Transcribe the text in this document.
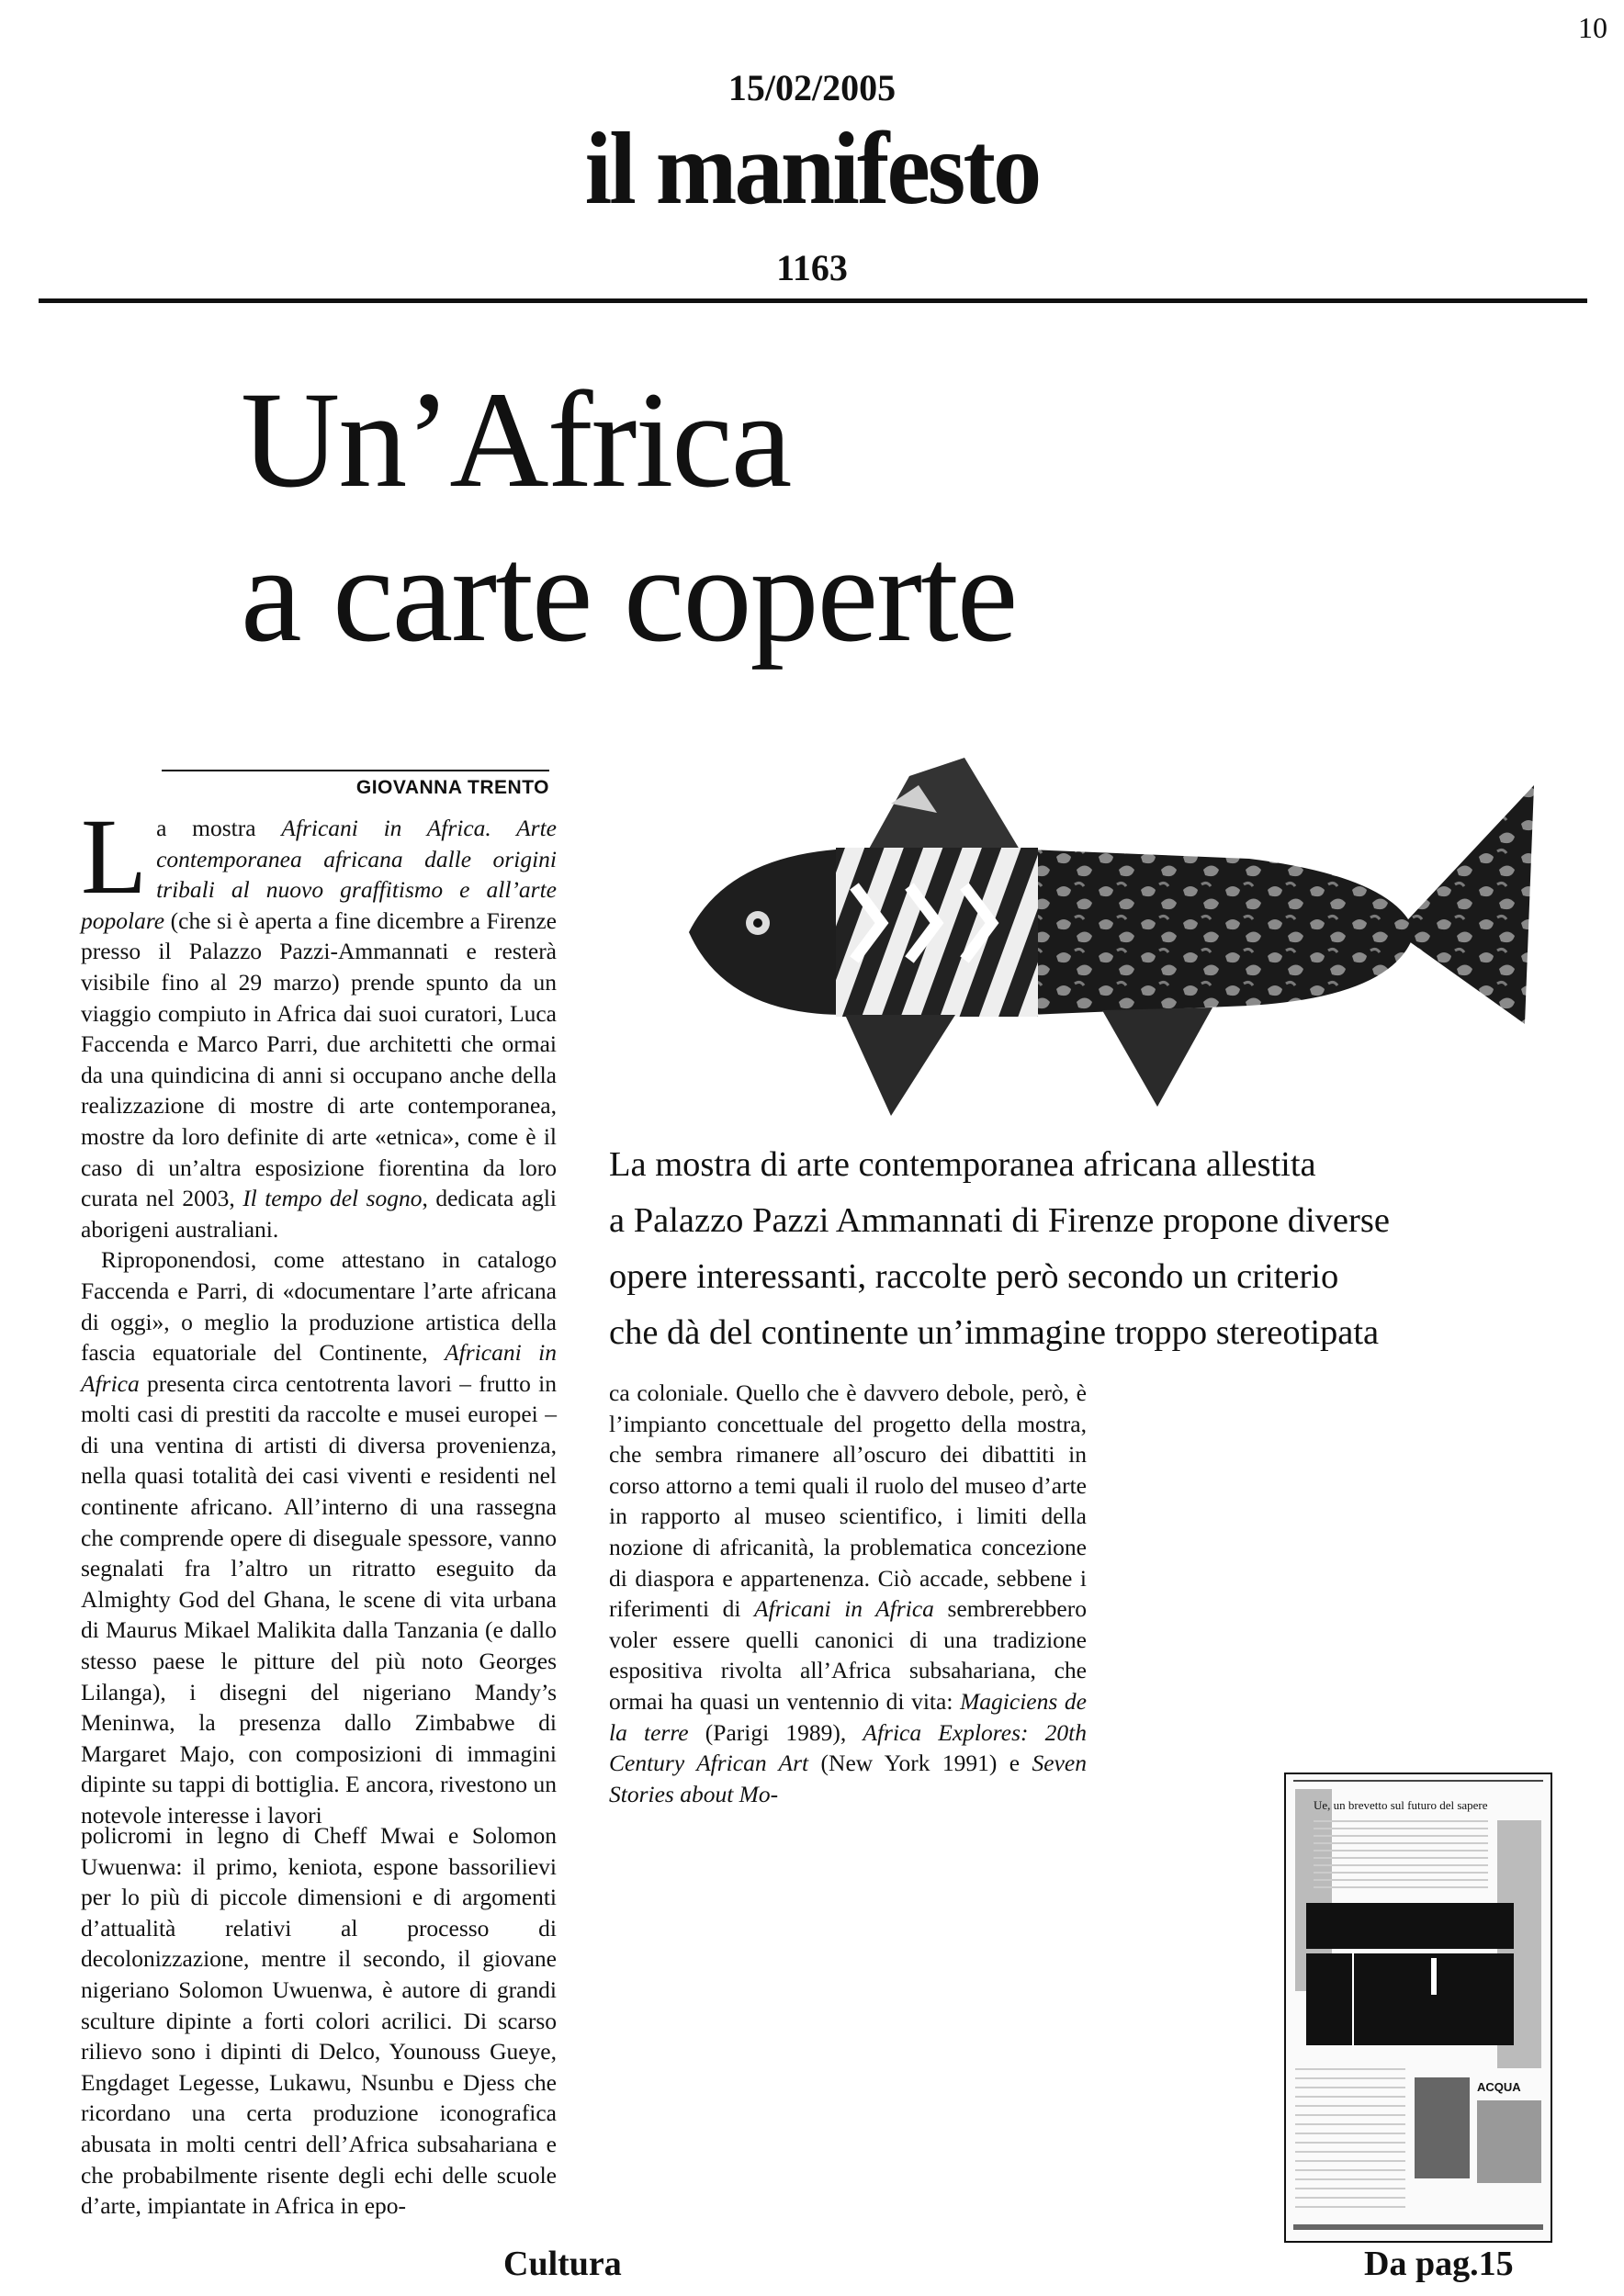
10
15/02/2005
il manifesto
1163
Un’Africa
a carte coperte
GIOVANNA TRENTO

La mostra Africani in Africa. Arte contemporanea africana dalle origini tribali al nuovo graffitismo e all’arte popolare (che si è aperta a fine dicembre a Firenze presso il Palazzo Pazzi-Ammannati e resterà visibile fino al 29 marzo) prende spunto da un viaggio compiuto in Africa dai suoi curatori, Luca Faccenda e Marco Parri, due architetti che ormai da una quindicina di anni si occupano anche della realizzazione di mostre di arte contemporanea, mostre da loro definite di arte «etnica», come è il caso di un’altra esposizione fiorentina da loro curata nel 2003, Il tempo del sogno, dedicata agli aborigeni australiani.

Riproponendosi, come attestano in catalogo Faccenda e Parri, di «documentare l’arte africana di oggi», o meglio la produzione artistica della fascia equatoriale del Continente, Africani in Africa presenta circa centotrenta lavori – frutto in molti casi di prestiti da raccolte e musei europei – di una ventina di artisti di diversa provenienza, nella quasi totalità dei casi viventi e residenti nel continente africano. All’interno di una rassegna che comprende opere di diseguale spessore, vanno segnalati fra l’altro un ritratto eseguito da Almighty God del Ghana, le scene di vita urbana di Maurus Mikael Malikita dalla Tanzania (e dallo stesso paese le pitture del più noto Georges Lilanga), i disegni del nigeriano Mandy’s Meninwa, la presenza dallo Zimbabwe di Margaret Majo, con composizioni di immagini dipinte su tappi di bottiglia. E ancora, rivestono un notevole interesse i lavori

policromi in legno di Cheff Mwai e Solomon Uwuenwa: il primo, keniota, espone bassorilievi per lo più di piccole dimensioni e di argomenti d’attualità relativi al processo di decolonizzazione, mentre il secondo, il giovane nigeriano Solomon Uwuenwa, è autore di grandi sculture dipinte a forti colori acrilici. Di scarso rilievo sono i dipinti di Delco, Younouss Gueye, Engdaget Legesse, Lukawu, Nsunbu e Djess che ricordano una certa produzione iconografica abusata in molti centri dell’Africa subsahariana e che probabilmente risente degli echi delle scuole d’arte, impiantate in Africa in epo-

La mostra di arte contemporanea africana allestita
a Palazzo Pazzi Ammannati di Firenze propone diverse
opere interessanti, raccolte però secondo un criterio
che dà del continente un’immagine troppo stereotipata

ca coloniale. Quello che è davvero debole, però, è l’impianto concettuale del progetto della mostra, che sembra rimanere all’oscuro dei dibattiti in corso attorno a temi quali il ruolo del museo d’arte in rapporto al museo scientifico, i limiti della nozione di africanità, la problematica concezione di diaspora e appartenenza. Ciò accade, sebbene i riferimenti di Africani in Africa sembrerebbero voler essere quelli canonici di una tradizione espositiva rivolta all’Africa subsahariana, che ormai ha quasi un ventennio di vita: Magiciens de la terre (Parigi 1989), Africa Explores: 20th Century African Art (New York 1991) e Seven Stories about Mo-	Ue, un brevetto sul futuro del sapere
ACQUA
Cultura	Da pag.15
